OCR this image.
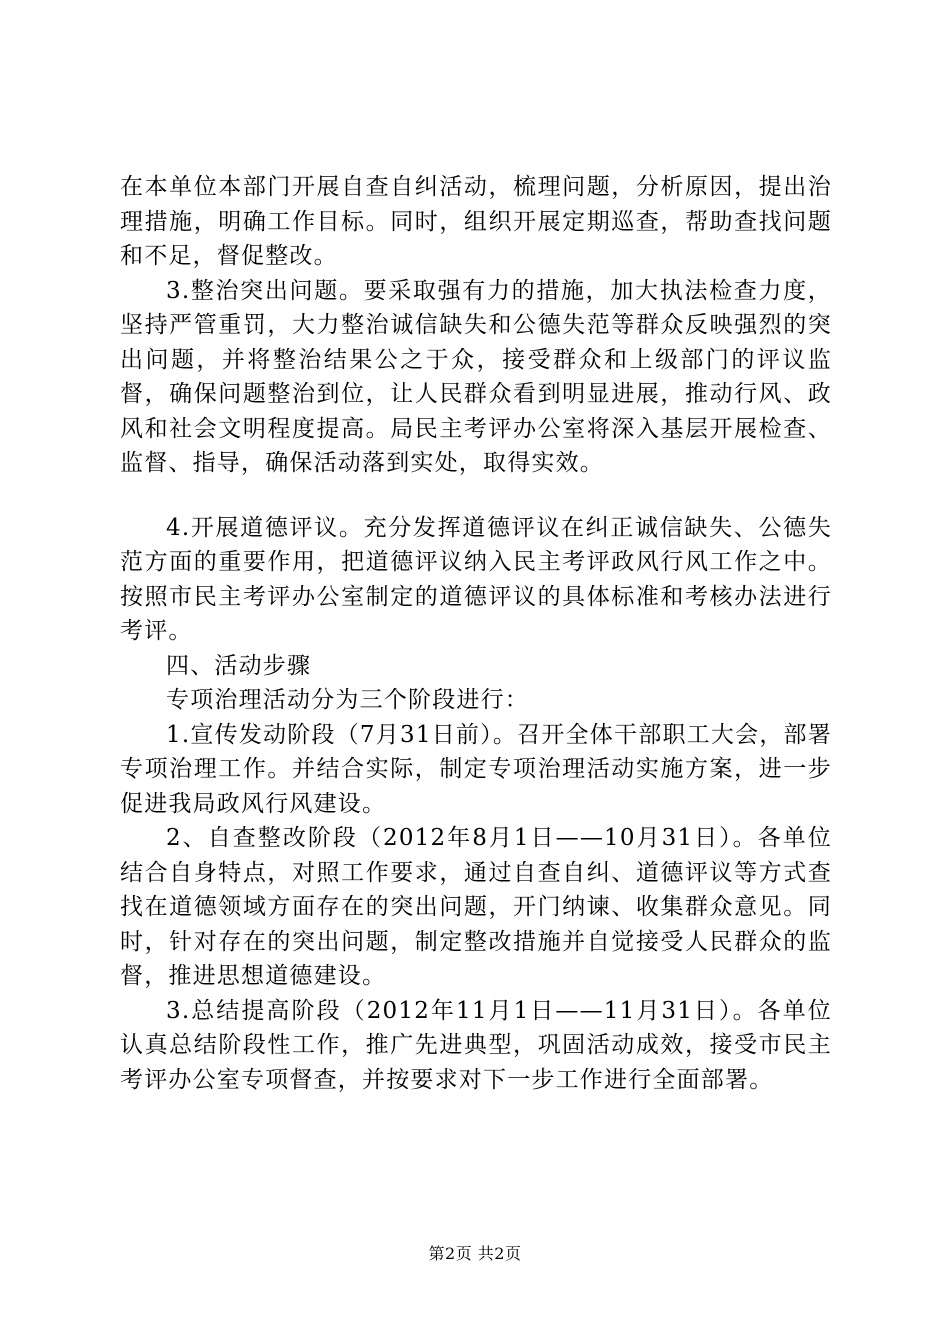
在本单位本部门开展自查自纠活动，梳理问题，分析原因，提出治理措施，明确工作目标。同时，组织开展定期巡查，帮助查找问题和不足，督促整改。

3.整治突出问题。要采取强有力的措施，加大执法检查力度，坚持严管重罚，大力整治诚信缺失和公德失范等群众反映强烈的突出问题，并将整治结果公之于众，接受群众和上级部门的评议监督，确保问题整治到位，让人民群众看到明显进展，推动行风、政风和社会文明程度提高。局民主考评办公室将深入基层开展检查、监督、指导，确保活动落到实处，取得实效。

4.开展道德评议。充分发挥道德评议在纠正诚信缺失、公德失范方面的重要作用，把道德评议纳入民主考评政风行风工作之中。按照市民主考评办公室制定的道德评议的具体标准和考核办法进行考评。

四、活动步骤

专项治理活动分为三个阶段进行：

1.宣传发动阶段（7月31日前）。召开全体干部职工大会，部署专项治理工作。并结合实际，制定专项治理活动实施方案，进一步促进我局政风行风建设。

2、自查整改阶段（2012年8月1日——10月31日）。各单位结合自身特点，对照工作要求，通过自查自纠、道德评议等方式查找在道德领域方面存在的突出问题，开门纳谏、收集群众意见。同时，针对存在的突出问题，制定整改措施并自觉接受人民群众的监督，推进思想道德建设。

3.总结提高阶段（2012年11月1日——11月31日）。各单位认真总结阶段性工作，推广先进典型，巩固活动成效，接受市民主考评办公室专项督查，并按要求对下一步工作进行全面部署。

第2页 共2页
